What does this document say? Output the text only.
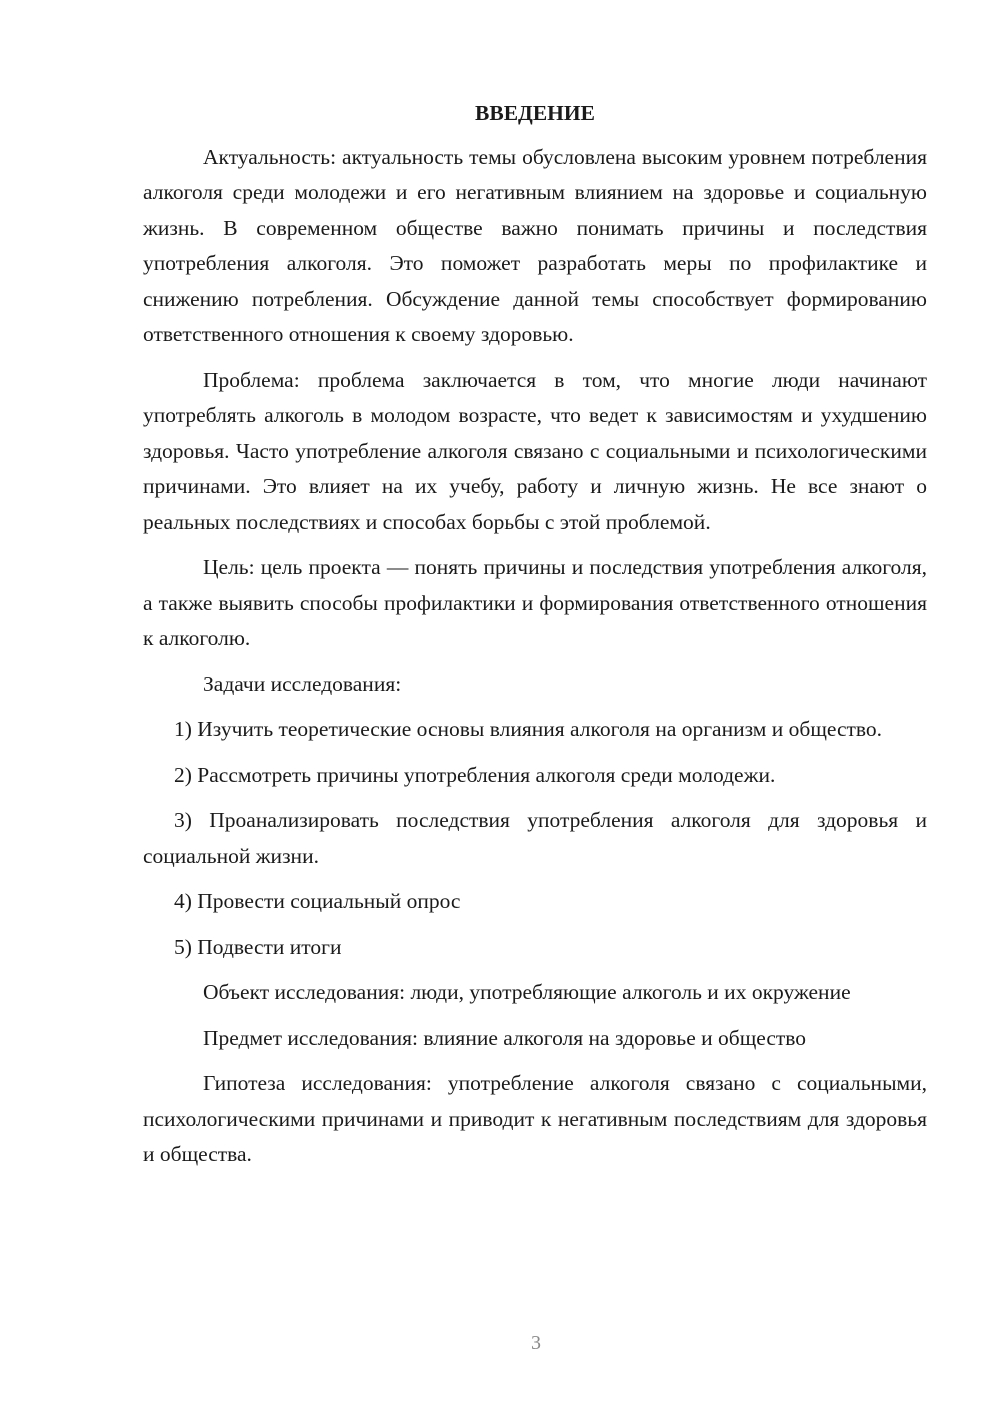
ВВЕДЕНИЕ

Актуальность: актуальность темы обусловлена высоким уровнем потребления алкоголя среди молодежи и его негативным влиянием на здоровье и социальную жизнь. В современном обществе важно понимать причины и последствия употребления алкоголя. Это поможет разработать меры по профилактике и снижению потребления. Обсуждение данной темы способствует формированию ответственного отношения к своему здоровью.

Проблема: проблема заключается в том, что многие люди начинают употреблять алкоголь в молодом возрасте, что ведет к зависимостям и ухудшению здоровья. Часто употребление алкоголя связано с социальными и психологическими причинами. Это влияет на их учебу, работу и личную жизнь. Не все знают о реальных последствиях и способах борьбы с этой проблемой.

Цель: цель проекта — понять причины и последствия употребления алкоголя, а также выявить способы профилактики и формирования ответственного отношения к алкоголю.

Задачи исследования:

1) Изучить теоретические основы влияния алкоголя на организм и общество.

2) Рассмотреть причины употребления алкоголя среди молодежи.

3) Проанализировать последствия употребления алкоголя для здоровья и социальной жизни.

4) Провести социальный опрос

5) Подвести итоги

Объект исследования: люди, употребляющие алкоголь и их окружение

Предмет исследования: влияние алкоголя на здоровье и общество

Гипотеза исследования: употребление алкоголя связано с социальными, психологическими причинами и приводит к негативным последствиям для здоровья и общества.

3
